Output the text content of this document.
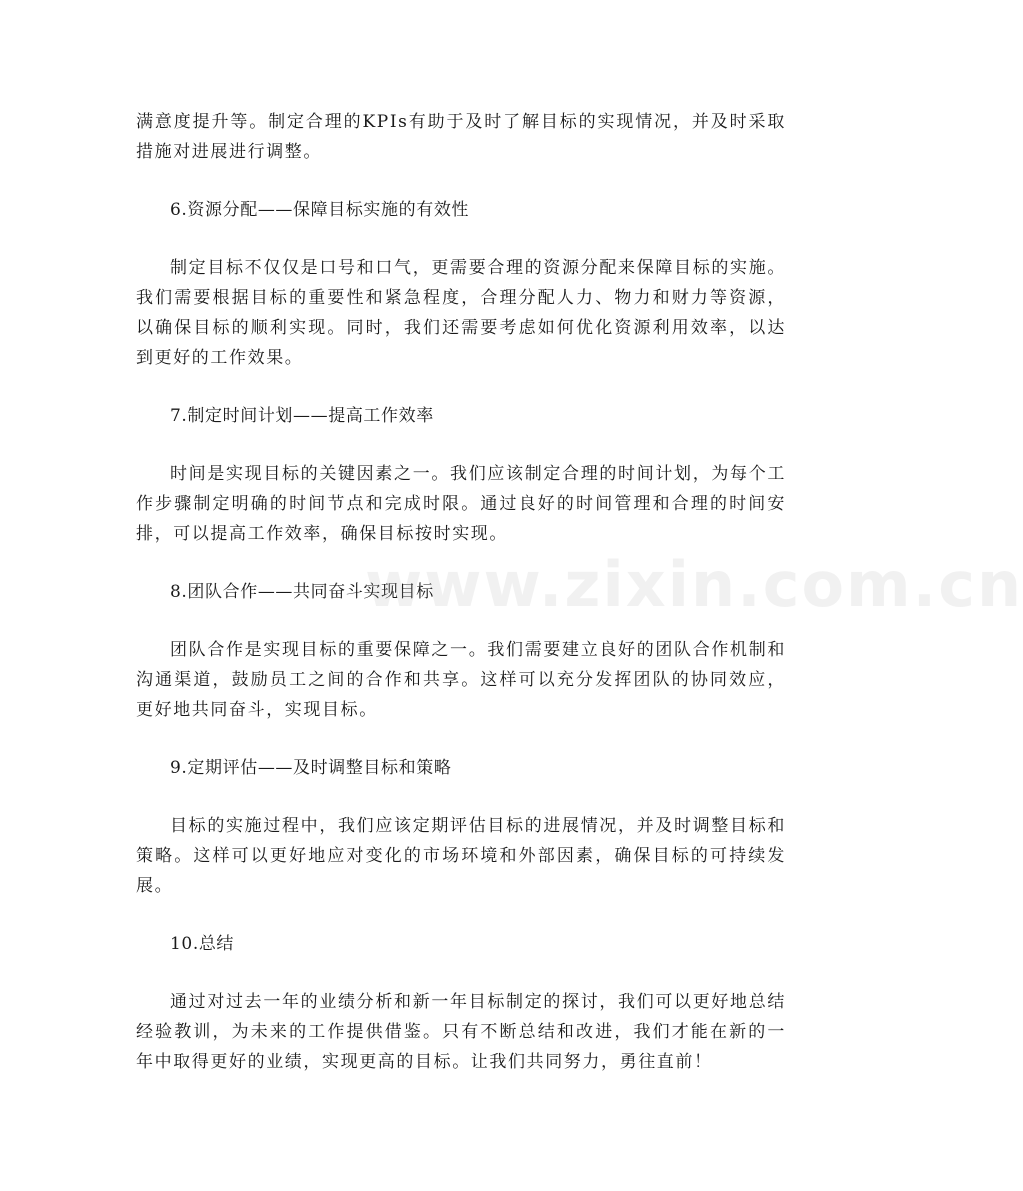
满意度提升等。制定合理的KPIs有助于及时了解目标的实现情况，并及时采取措施对进展进行调整。

6.资源分配——保障目标实施的有效性

制定目标不仅仅是口号和口气，更需要合理的资源分配来保障目标的实施。我们需要根据目标的重要性和紧急程度，合理分配人力、物力和财力等资源，以确保目标的顺利实现。同时，我们还需要考虑如何优化资源利用效率，以达到更好的工作效果。

7.制定时间计划——提高工作效率

时间是实现目标的关键因素之一。我们应该制定合理的时间计划，为每个工作步骤制定明确的时间节点和完成时限。通过良好的时间管理和合理的时间安排，可以提高工作效率，确保目标按时实现。

8.团队合作——共同奋斗实现目标

团队合作是实现目标的重要保障之一。我们需要建立良好的团队合作机制和沟通渠道，鼓励员工之间的合作和共享。这样可以充分发挥团队的协同效应，更好地共同奋斗，实现目标。

9.定期评估——及时调整目标和策略

目标的实施过程中，我们应该定期评估目标的进展情况，并及时调整目标和策略。这样可以更好地应对变化的市场环境和外部因素，确保目标的可持续发展。

10.总结

通过对过去一年的业绩分析和新一年目标制定的探讨，我们可以更好地总结经验教训，为未来的工作提供借鉴。只有不断总结和改进，我们才能在新的一年中取得更好的业绩，实现更高的目标。让我们共同努力，勇往直前！

www.zixin.com.cn
